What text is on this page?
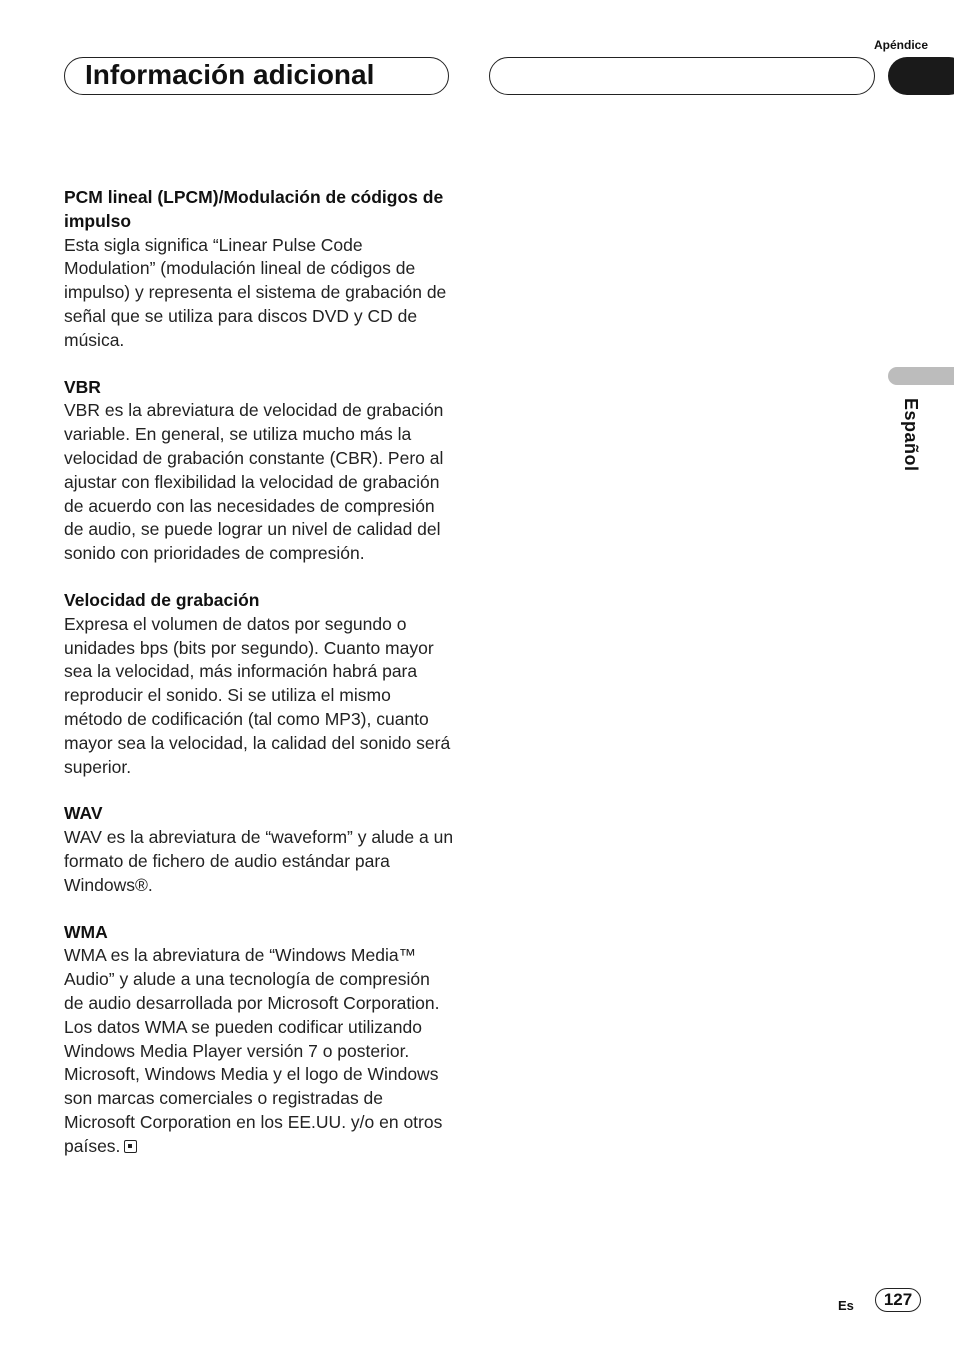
Apéndice
Información adicional
Español

PCM lineal (LPCM)/Modulación de códigos de impulso

Esta sigla significa “Linear Pulse Code Modulation” (modulación lineal de códigos de impulso) y representa el sistema de grabación de señal que se utiliza para discos DVD y CD de música.

VBR

VBR es la abreviatura de velocidad de grabación variable. En general, se utiliza mucho más la velocidad de grabación constante (CBR). Pero al ajustar con flexibilidad la velocidad de grabación de acuerdo con las necesidades de compresión de audio, se puede lograr un nivel de calidad del sonido con prioridades de compresión.

Velocidad de grabación

Expresa el volumen de datos por segundo o unidades bps (bits por segundo). Cuanto mayor sea la velocidad, más información habrá para reproducir el sonido. Si se utiliza el mismo método de codificación (tal como MP3), cuanto mayor sea la velocidad, la calidad del sonido será superior.

WAV

WAV es la abreviatura de “waveform” y alude a un formato de fichero de audio estándar para Windows®.

WMA

WMA es la abreviatura de “Windows Media™ Audio” y alude a una tecnología de compresión de audio desarrollada por Microsoft Corporation. Los datos WMA se pueden codificar utilizando Windows Media Player versión 7 o posterior.

Microsoft, Windows Media y el logo de Windows son marcas comerciales o registradas de Microsoft Corporation en los EE.UU. y/o en otros países.

Es	127
